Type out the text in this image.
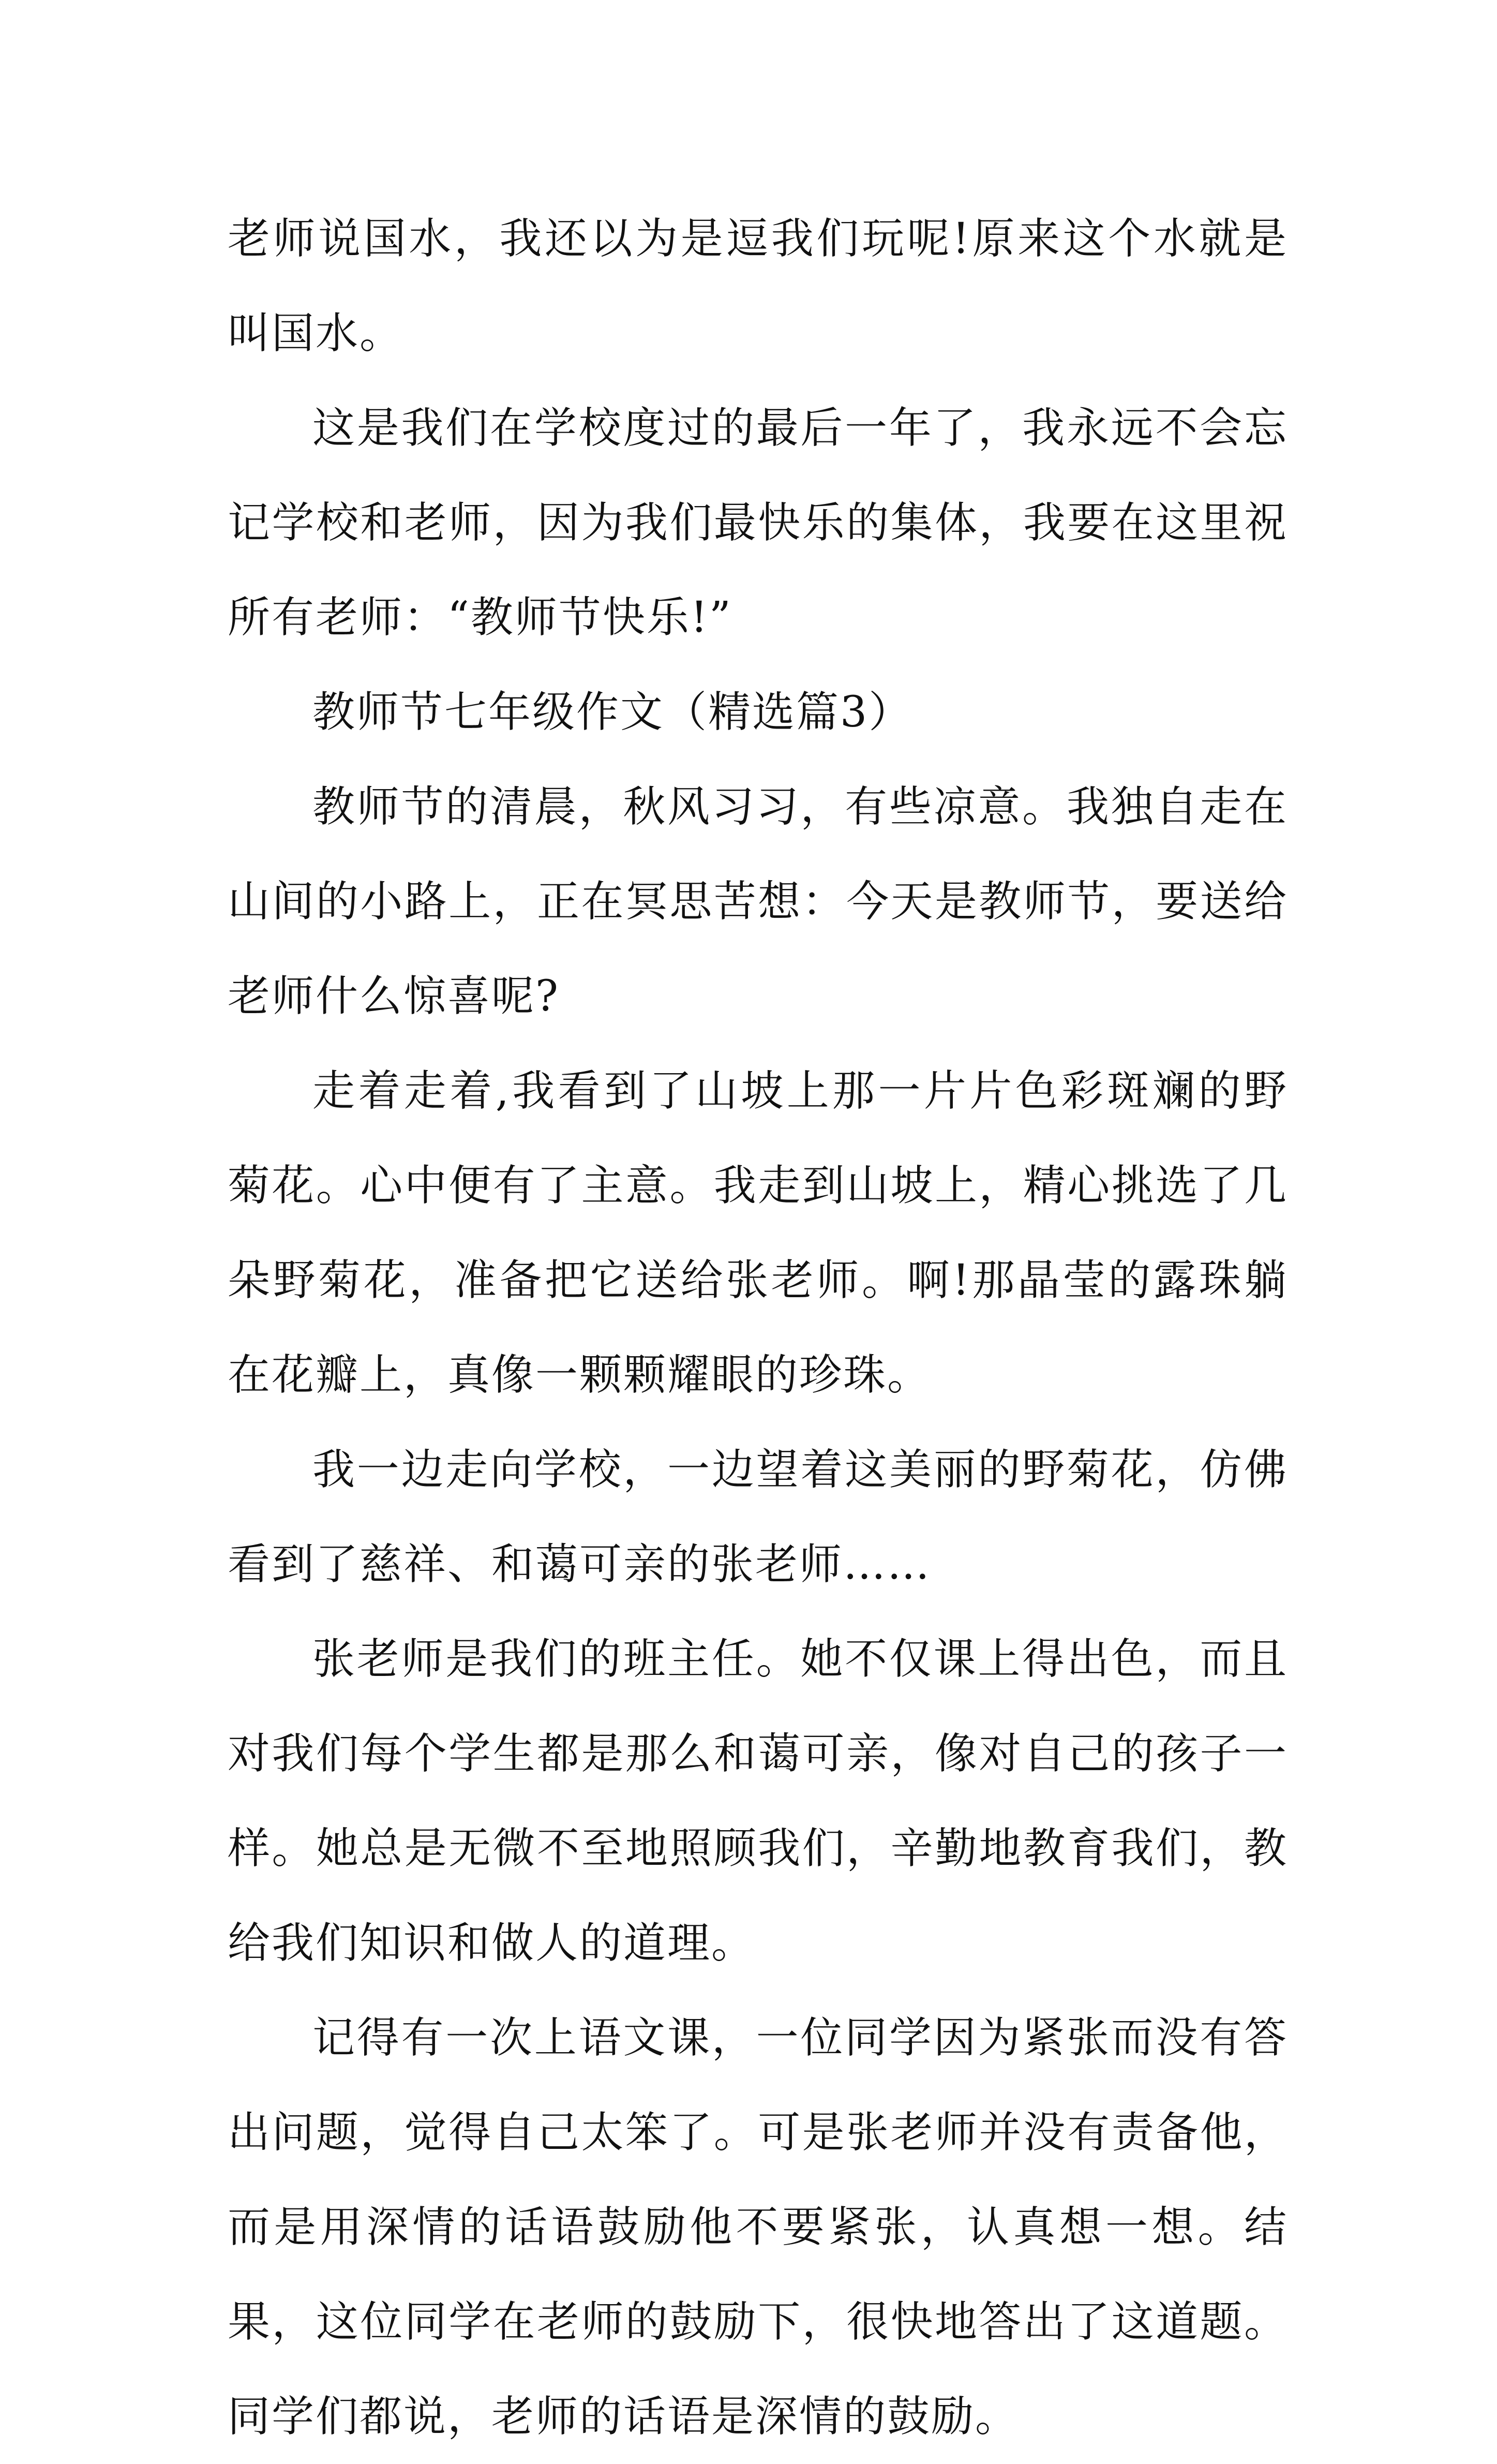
老师说国水，我还以为是逗我们玩呢!原来这个水就是叫国水。

这是我们在学校度过的最后一年了，我永远不会忘记学校和老师，因为我们最快乐的集体，我要在这里祝所有老师：“教师节快乐!”

教师节七年级作文（精选篇3）

教师节的清晨，秋风习习，有些凉意。我独自走在山间的小路上，正在冥思苦想：今天是教师节，要送给老师什么惊喜呢?

走着走着,我看到了山坡上那一片片色彩斑斓的野菊花。心中便有了主意。我走到山坡上，精心挑选了几朵野菊花，准备把它送给张老师。啊!那晶莹的露珠躺在花瓣上，真像一颗颗耀眼的珍珠。

我一边走向学校，一边望着这美丽的野菊花，仿佛看到了慈祥、和蔼可亲的张老师……

张老师是我们的班主任。她不仅课上得出色，而且对我们每个学生都是那么和蔼可亲，像对自己的孩子一样。她总是无微不至地照顾我们，辛勤地教育我们，教给我们知识和做人的道理。

记得有一次上语文课，一位同学因为紧张而没有答出问题，觉得自己太笨了。可是张老师并没有责备他，而是用深情的话语鼓励他不要紧张，认真想一想。结果，这位同学在老师的鼓励下，很快地答出了这道题。同学们都说，老师的话语是深情的鼓励。
